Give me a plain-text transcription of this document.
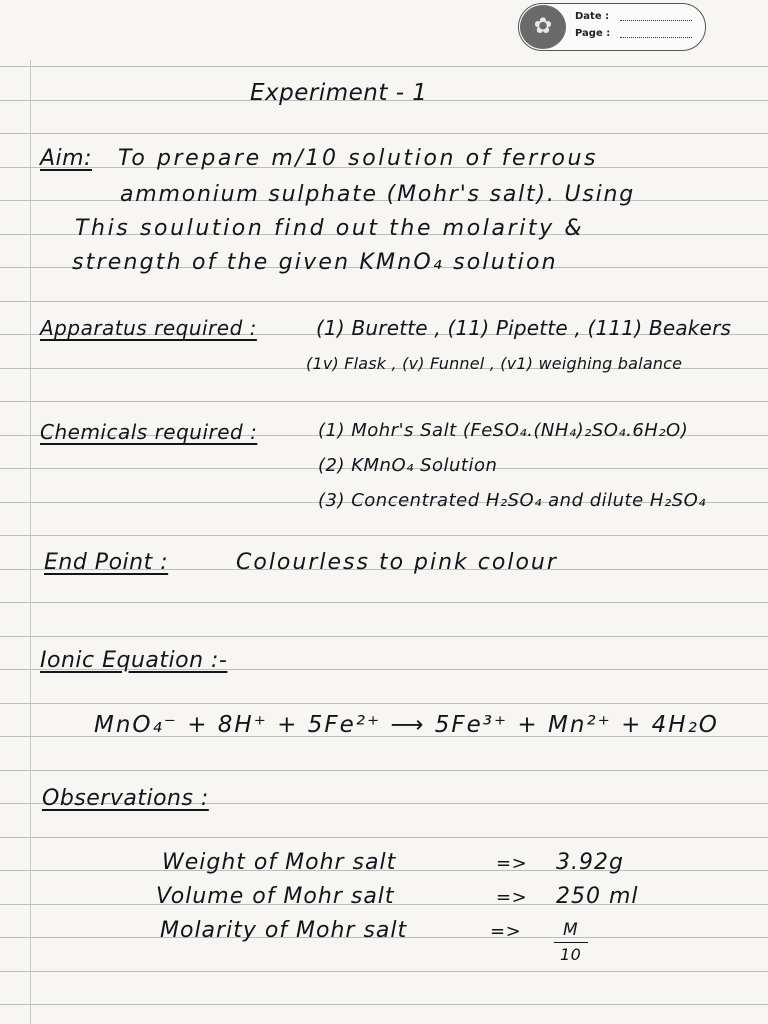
✿	Date :
Page :
Experiment - 1
Aim: To prepare m/10 solution of ferrous
ammonium sulphate (Mohr's salt). Using
This soulution find out the molarity &
strength of the given KMnO₄ solution
Apparatus required :	(1) Burette , (11) Pipette , (111) Beakers
(1v) Flask , (v) Funnel , (v1) weighing balance
Chemicals required :	(1) Mohr's Salt (FeSO₄.(NH₄)₂SO₄.6H₂O)
(2) KMnO₄ Solution
(3) Concentrated H₂SO₄ and dilute H₂SO₄
End Point :	Colourless to pink colour
Ionic Equation :-
MnO₄⁻ + 8H⁺ + 5Fe²⁺ ⟶ 5Fe³⁺ + Mn²⁺ + 4H₂O
Observations :
Weight of Mohr salt	=> 3.92g
Volume of Mohr salt	=> 250 ml
Molarity of Mohr salt	=> M
10
